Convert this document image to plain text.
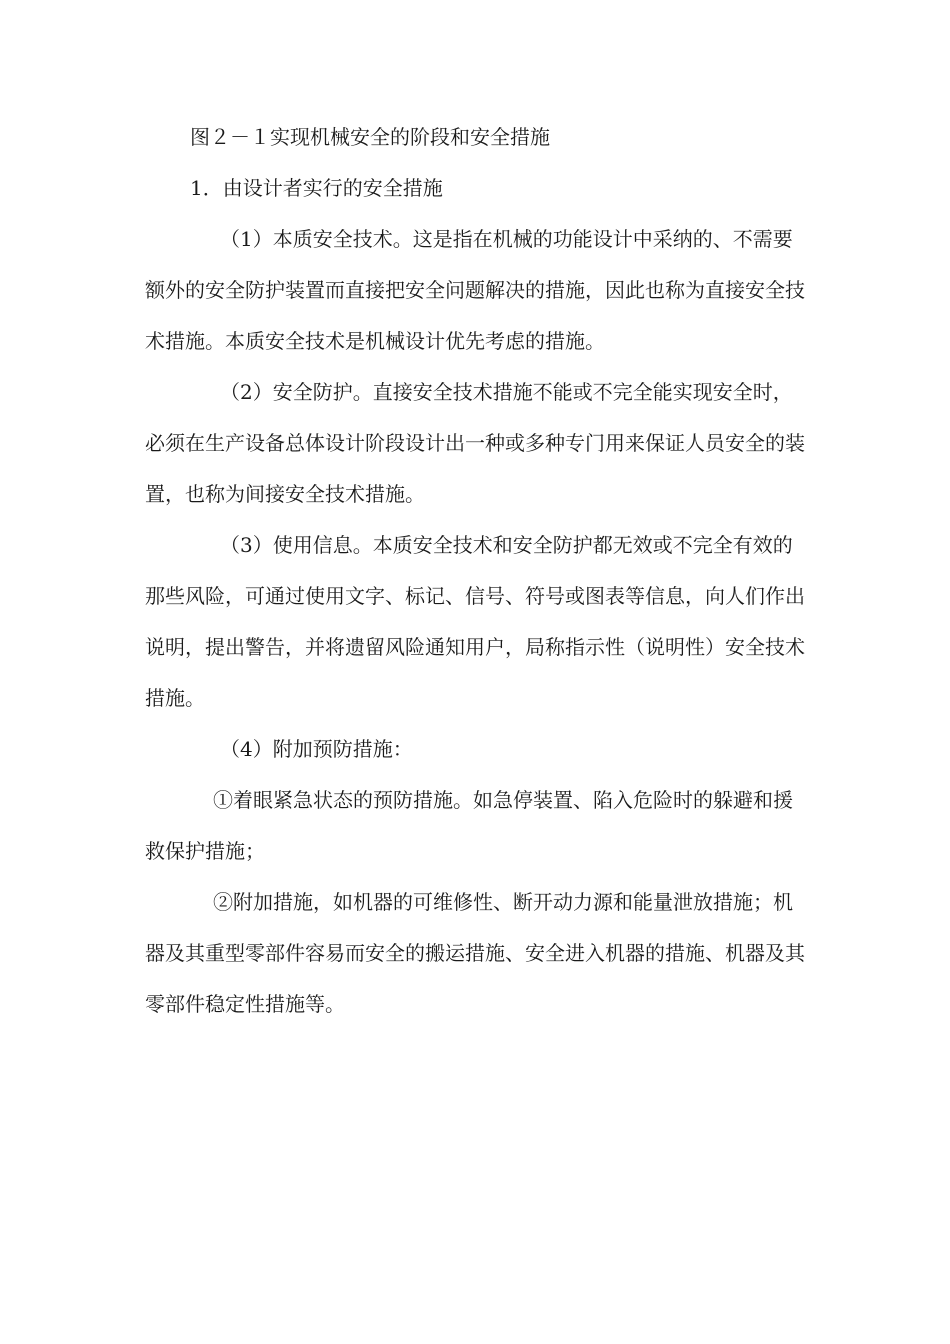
图２－１实现机械安全的阶段和安全措施

1．由设计者实行的安全措施

（1）本质安全技术。这是指在机械的功能设计中采纳的、不需要额外的安全防护装置而直接把安全问题解决的措施，因此也称为直接安全技术措施。本质安全技术是机械设计优先考虑的措施。

（2）安全防护。直接安全技术措施不能或不完全能实现安全时，必须在生产设备总体设计阶段设计出一种或多种专门用来保证人员安全的装置，也称为间接安全技术措施。

（3）使用信息。本质安全技术和安全防护都无效或不完全有效的那些风险，可通过使用文字、标记、信号、符号或图表等信息，向人们作出说明，提出警告，并将遗留风险通知用户，局称指示性（说明性）安全技术措施。

（4）附加预防措施：

①着眼紧急状态的预防措施。如急停装置、陷入危险时的躲避和援救保护措施；

②附加措施，如机器的可维修性、断开动力源和能量泄放措施；机器及其重型零部件容易而安全的搬运措施、安全进入机器的措施、机器及其零部件稳定性措施等。
